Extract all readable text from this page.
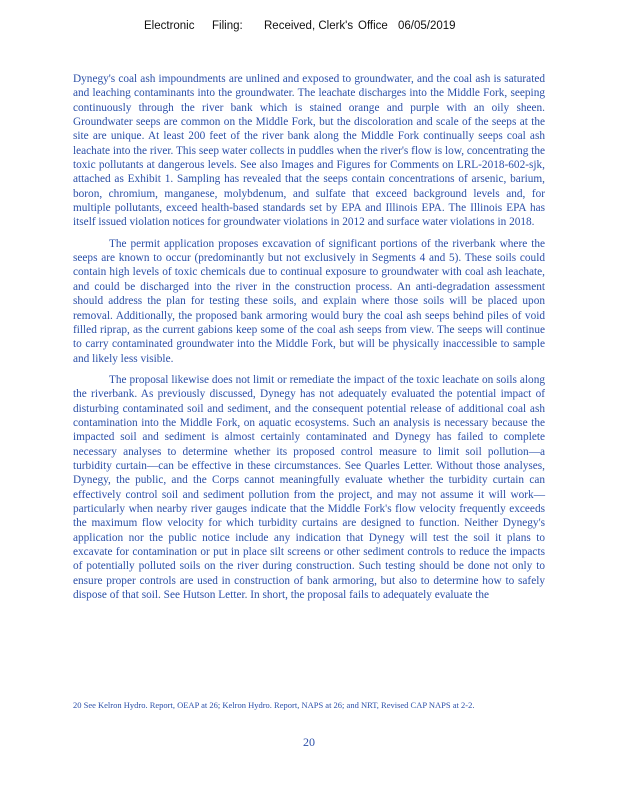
Electronic Filing: Received, Clerk's Office 06/05/2019

Dynegy's coal ash impoundments are unlined and exposed to groundwater, and the coal ash is saturated and leaching contaminants into the groundwater. The leachate discharges into the Middle Fork, seeping continuously through the river bank which is stained orange and purple with an oily sheen. Groundwater seeps are common on the Middle Fork, but the discoloration and scale of the seeps at the site are unique. At least 200 feet of the river bank along the Middle Fork continually seeps coal ash leachate into the river. This seep water collects in puddles when the river's flow is low, concentrating the toxic pollutants at dangerous levels. See also Images and Figures for Comments on LRL-2018-602-sjk, attached as Exhibit 1. Sampling has revealed that the seeps contain concentrations of arsenic, barium, boron, chromium, manganese, molybdenum, and sulfate that exceed background levels and, for multiple pollutants, exceed health-based standards set by EPA and Illinois EPA. The Illinois EPA has itself issued violation notices for groundwater violations in 2012 and surface water violations in 2018.

The permit application proposes excavation of significant portions of the riverbank where the seeps are known to occur (predominantly but not exclusively in Segments 4 and 5). These soils could contain high levels of toxic chemicals due to continual exposure to groundwater with coal ash leachate, and could be discharged into the river in the construction process. An anti-degradation assessment should address the plan for testing these soils, and explain where those soils will be placed upon removal. Additionally, the proposed bank armoring would bury the coal ash seeps behind piles of void filled riprap, as the current gabions keep some of the coal ash seeps from view. The seeps will continue to carry contaminated groundwater into the Middle Fork, but will be physically inaccessible to sample and likely less visible.

The proposal likewise does not limit or remediate the impact of the toxic leachate on soils along the riverbank. As previously discussed, Dynegy has not adequately evaluated the potential impact of disturbing contaminated soil and sediment, and the consequent potential release of additional coal ash contamination into the Middle Fork, on aquatic ecosystems. Such an analysis is necessary because the impacted soil and sediment is almost certainly contaminated and Dynegy has failed to complete necessary analyses to determine whether its proposed control measure to limit soil pollution—a turbidity curtain—can be effective in these circumstances. See Quarles Letter. Without those analyses, Dynegy, the public, and the Corps cannot meaningfully evaluate whether the turbidity curtain can effectively control soil and sediment pollution from the project, and may not assume it will work—particularly when nearby river gauges indicate that the Middle Fork's flow velocity frequently exceeds the maximum flow velocity for which turbidity curtains are designed to function. Neither Dynegy's application nor the public notice include any indication that Dynegy will test the soil it plans to excavate for contamination or put in place silt screens or other sediment controls to reduce the impacts of potentially polluted soils on the river during construction. Such testing should be done not only to ensure proper controls are used in construction of bank armoring, but also to determine how to safely dispose of that soil. See Hutson Letter. In short, the proposal fails to adequately evaluate the

20 See Kelron Hydro. Report, OEAP at 26; Kelron Hydro. Report, NAPS at 26; and NRT, Revised CAP NAPS at 2-2.
20
